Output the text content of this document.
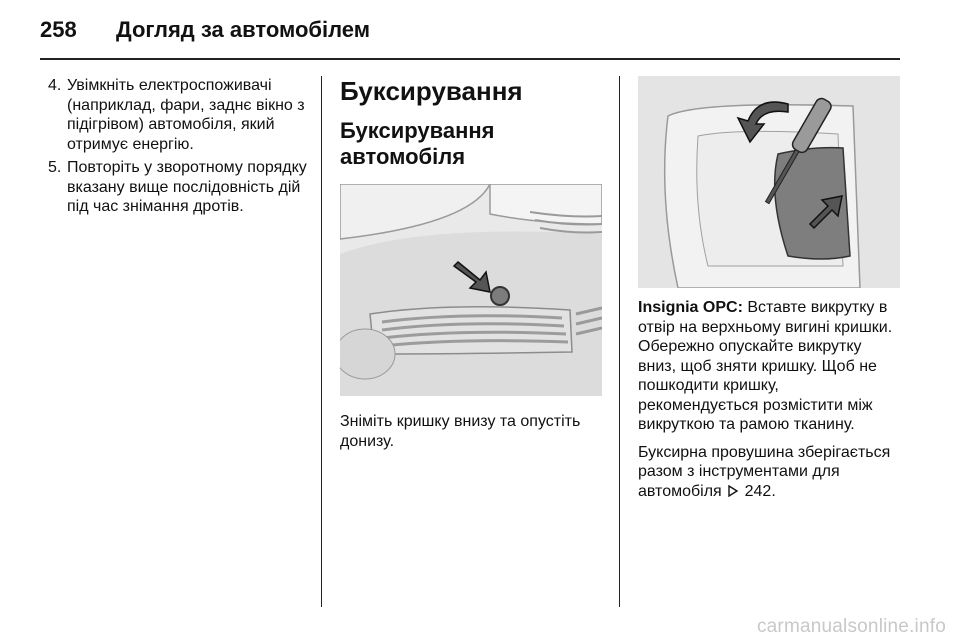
258	Догляд за автомобілем
4. Увімкніть електроспоживачі (наприклад, фари, заднє вікно з підігрівом) автомобіля, який отримує енергію.
5. Повторіть у зворотному порядку вказану вище послідовність дій під час знімання дротів.
Буксирування
Буксирування автомобіля
Зніміть кришку внизу та опустіть донизу.
Insignia OPC: Вставте викрутку в отвір на верхньому вигині кришки. Обережно опускайте викрутку вниз, щоб зняти кришку. Щоб не пошкодити кришку, рекомендується розмістити між викруткою та рамою тканину.
Буксирна провушина зберігається разом з інструментами для автомобіля 242.
carmanualsonline.info
